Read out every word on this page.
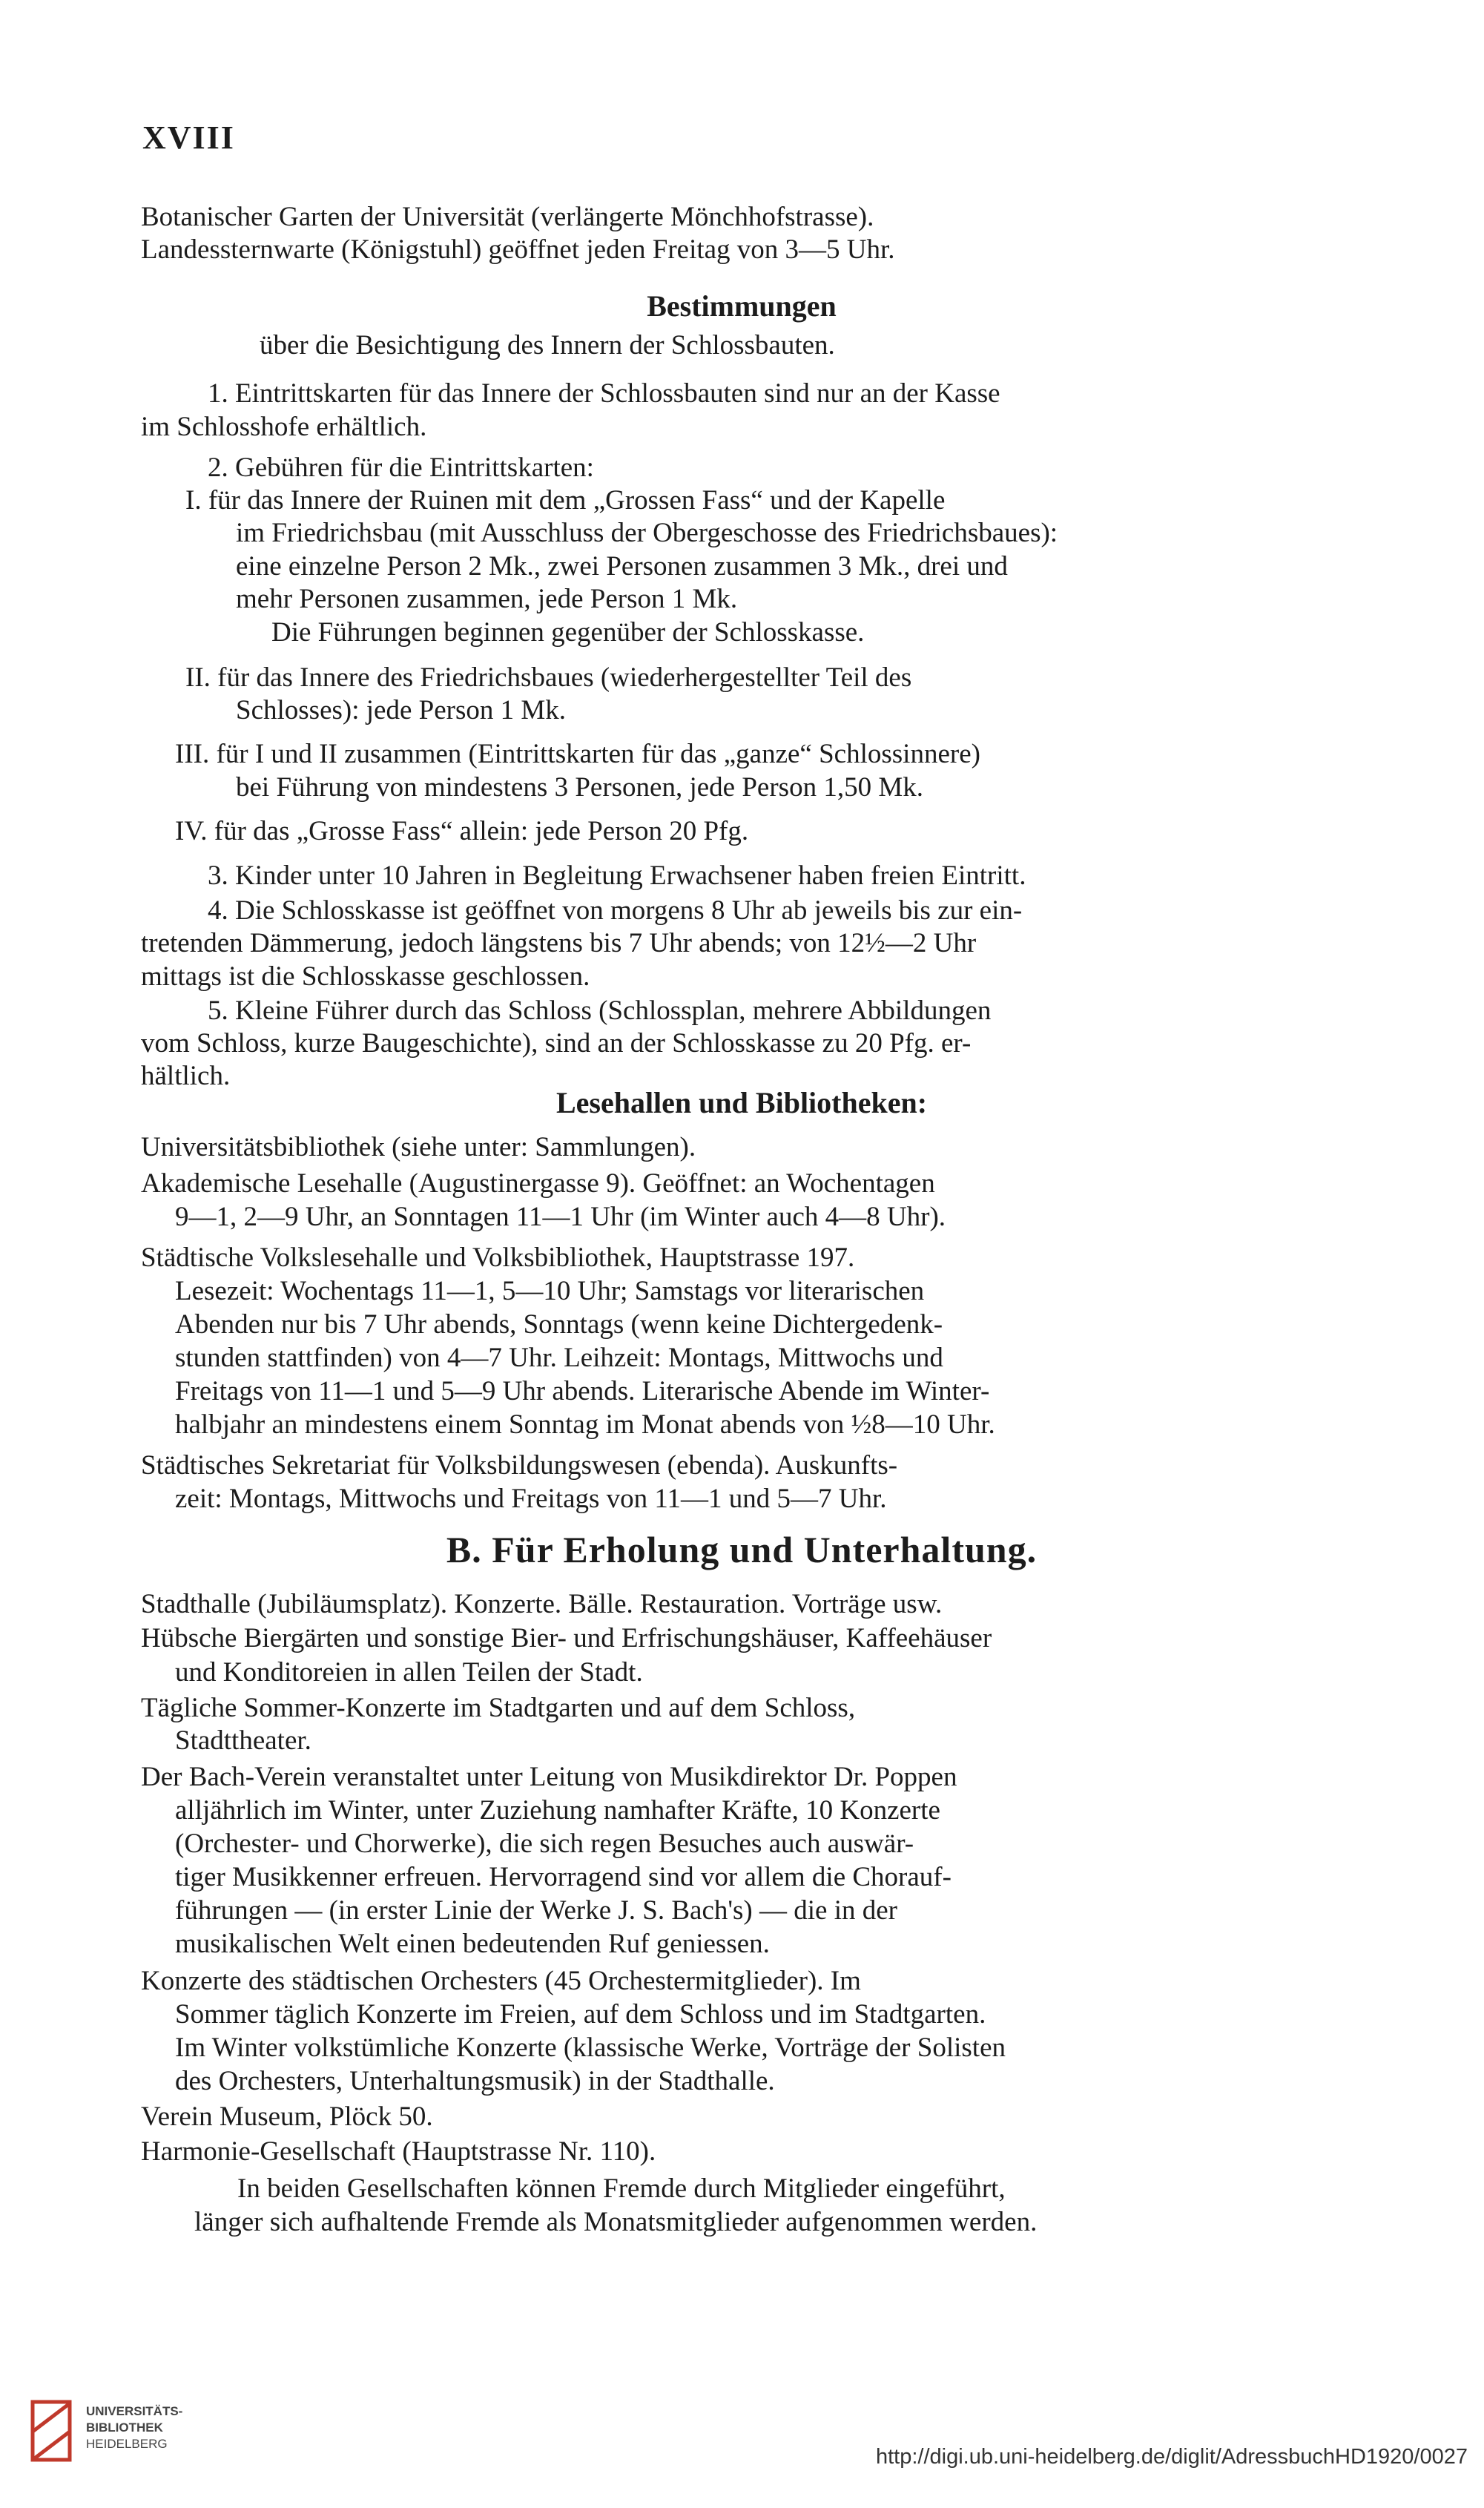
XVIII
Botanischer Garten der Universität (verlängerte Mönchhofstrasse).
Landessternwarte (Königstuhl) geöffnet jeden Freitag von 3—5 Uhr.
Bestimmungen
über die Besichtigung des Innern der Schlossbauten.
1. Eintrittskarten für das Innere der Schlossbauten sind nur an der Kasse
im Schlosshofe erhältlich.
2. Gebühren für die Eintrittskarten:
I. für das Innere der Ruinen mit dem „Grossen Fass“ und der Kapelle
im Friedrichsbau (mit Ausschluss der Obergeschosse des Friedrichsbaues):
eine einzelne Person 2 Mk., zwei Personen zusammen 3 Mk., drei und
mehr Personen zusammen, jede Person 1 Mk.
Die Führungen beginnen gegenüber der Schlosskasse.
II. für das Innere des Friedrichsbaues (wiederhergestellter Teil des
Schlosses): jede Person 1 Mk.
III. für I und II zusammen (Eintrittskarten für das „ganze“ Schlossinnere)
bei Führung von mindestens 3 Personen, jede Person 1,50 Mk.
IV. für das „Grosse Fass“ allein: jede Person 20 Pfg.
3. Kinder unter 10 Jahren in Begleitung Erwachsener haben freien Eintritt.
4. Die Schlosskasse ist geöffnet von morgens 8 Uhr ab jeweils bis zur ein-
tretenden Dämmerung, jedoch längstens bis 7 Uhr abends; von 12½—2 Uhr
mittags ist die Schlosskasse geschlossen.
5. Kleine Führer durch das Schloss (Schlossplan, mehrere Abbildungen
vom Schloss, kurze Baugeschichte), sind an der Schlosskasse zu 20 Pfg. er-
hältlich.
Lesehallen und Bibliotheken:
Universitätsbibliothek (siehe unter: Sammlungen).
Akademische Lesehalle (Augustinergasse 9). Geöffnet: an Wochentagen
9—1, 2—9 Uhr, an Sonntagen 11—1 Uhr (im Winter auch 4—8 Uhr).
Städtische Volkslesehalle und Volksbibliothek, Hauptstrasse 197.
Lesezeit: Wochentags 11—1, 5—10 Uhr; Samstags vor literarischen
Abenden nur bis 7 Uhr abends, Sonntags (wenn keine Dichtergedenk-
stunden stattfinden) von 4—7 Uhr. Leihzeit: Montags, Mittwochs und
Freitags von 11—1 und 5—9 Uhr abends. Literarische Abende im Winter-
halbjahr an mindestens einem Sonntag im Monat abends von ½8—10 Uhr.
Städtisches Sekretariat für Volksbildungswesen (ebenda). Auskunfts-
zeit: Montags, Mittwochs und Freitags von 11—1 und 5—7 Uhr.
B. Für Erholung und Unterhaltung.
Stadthalle (Jubiläumsplatz). Konzerte. Bälle. Restauration. Vorträge usw.
Hübsche Biergärten und sonstige Bier- und Erfrischungshäuser, Kaffeehäuser
und Konditoreien in allen Teilen der Stadt.
Tägliche Sommer-Konzerte im Stadtgarten und auf dem Schloss,
Stadttheater.
Der Bach-Verein veranstaltet unter Leitung von Musikdirektor Dr. Poppen
alljährlich im Winter, unter Zuziehung namhafter Kräfte, 10 Konzerte
(Orchester- und Chorwerke), die sich regen Besuches auch auswär-
tiger Musikkenner erfreuen. Hervorragend sind vor allem die Chorauf-
führungen — (in erster Linie der Werke J. S. Bach's) — die in der
musikalischen Welt einen bedeutenden Ruf geniessen.
Konzerte des städtischen Orchesters (45 Orchestermitglieder). Im
Sommer täglich Konzerte im Freien, auf dem Schloss und im Stadtgarten.
Im Winter volkstümliche Konzerte (klassische Werke, Vorträge der Solisten
des Orchesters, Unterhaltungsmusik) in der Stadthalle.
Verein Museum, Plöck 50.
Harmonie-Gesellschaft (Hauptstrasse Nr. 110).
In beiden Gesellschaften können Fremde durch Mitglieder eingeführt,
länger sich aufhaltende Fremde als Monatsmitglieder aufgenommen werden.
UNIVERSITÄTS-
BIBLIOTHEK
HEIDELBERG
http://digi.ub.uni-heidelberg.de/diglit/AdressbuchHD1920/0027
